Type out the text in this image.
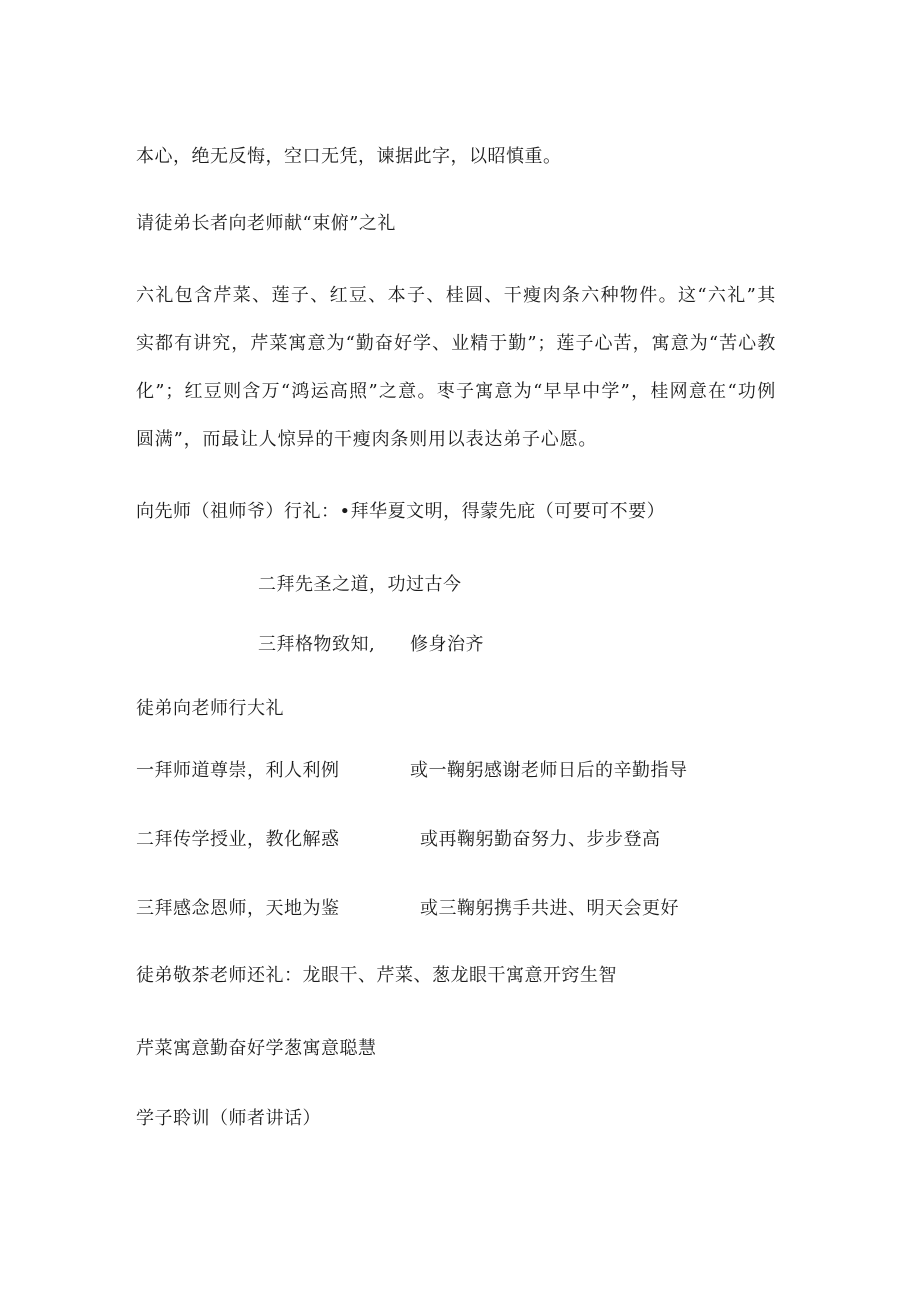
本心，绝无反悔，空口无凭，谏据此字，以昭慎重。
请徒弟长者向老师献“束俯”之礼
六礼包含芹菜、莲子、红豆、本子、桂圆、干瘦肉条六种物件。这“六礼”其实都有讲究，芹菜寓意为“勤奋好学、业精于勤”；莲子心苦，寓意为“苦心教化”；红豆则含万“鸿运高照”之意。枣子寓意为“早早中学”，桂网意在“功例圆满”，而最让人惊异的干瘦肉条则用以表达弟子心愿。
向先师（祖师爷）行礼：•拜华夏文明，得蒙先庇（可要可不要）
二拜先圣之道，功过古今
三拜格物致知, 修身治齐
徒弟向老师行大礼
一拜师道尊崇，利人利例	或一鞠躬感谢老师日后的辛勤指导
二拜传学授业，教化解惑	或再鞠躬勤奋努力、步步登高
三拜感念恩师，天地为鉴	或三鞠躬携手共进、明天会更好
徒弟敬茶老师还礼：龙眼干、芹菜、葱龙眼干寓意开窍生智
芹菜寓意勤奋好学葱寓意聪慧
学子聆训（师者讲话）
